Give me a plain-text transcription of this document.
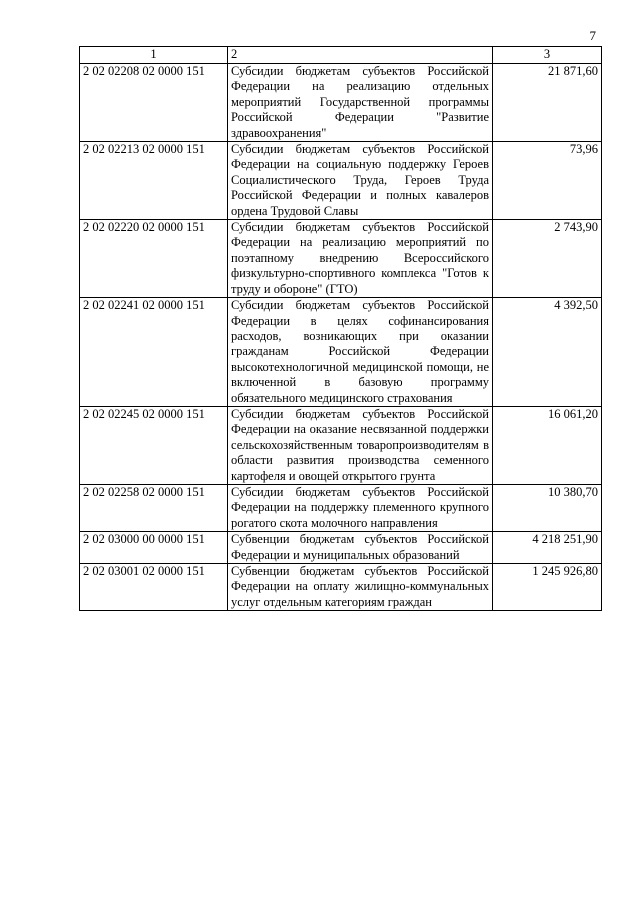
7
1	2	3
2 02 02208 02 0000 151	Субсидии бюджетам субъектов Российской Федерации на реализацию отдельных мероприятий Государственной программы Российской Федерации "Развитие здравоохранения"	21 871,60
2 02 02213 02 0000 151	Субсидии бюджетам субъектов Российской Федерации на социальную поддержку Героев Социалистического Труда, Героев Труда Российской Федерации и полных кавалеров ордена Трудовой Славы	73,96
2 02 02220 02 0000 151	Субсидии бюджетам субъектов Российской Федерации на реализацию мероприятий по поэтапному внедрению Всероссийского физкультурно-спортивного комплекса "Готов к труду и обороне" (ГТО)	2 743,90
2 02 02241 02 0000 151	Субсидии бюджетам субъектов Российской Федерации в целях софинансирования расходов, возникающих при оказании гражданам Российской Федерации высокотехнологичной медицинской помощи, не включенной в базовую программу обязательного медицинского страхования	4 392,50
2 02 02245 02 0000 151	Субсидии бюджетам субъектов Российской Федерации на оказание несвязанной поддержки сельскохозяйственным товаропроизводителям в области развития производства семенного картофеля и овощей открытого грунта	16 061,20
2 02 02258 02 0000 151	Субсидии бюджетам субъектов Российской Федерации на поддержку племенного крупного рогатого скота молочного направления	10 380,70
2 02 03000 00 0000 151	Субвенции бюджетам субъектов Российской Федерации и муниципальных образований	4 218 251,90
2 02 03001 02 0000 151	Субвенции бюджетам субъектов Российской Федерации на оплату жилищно-коммунальных услуг отдельным категориям граждан	1 245 926,80
